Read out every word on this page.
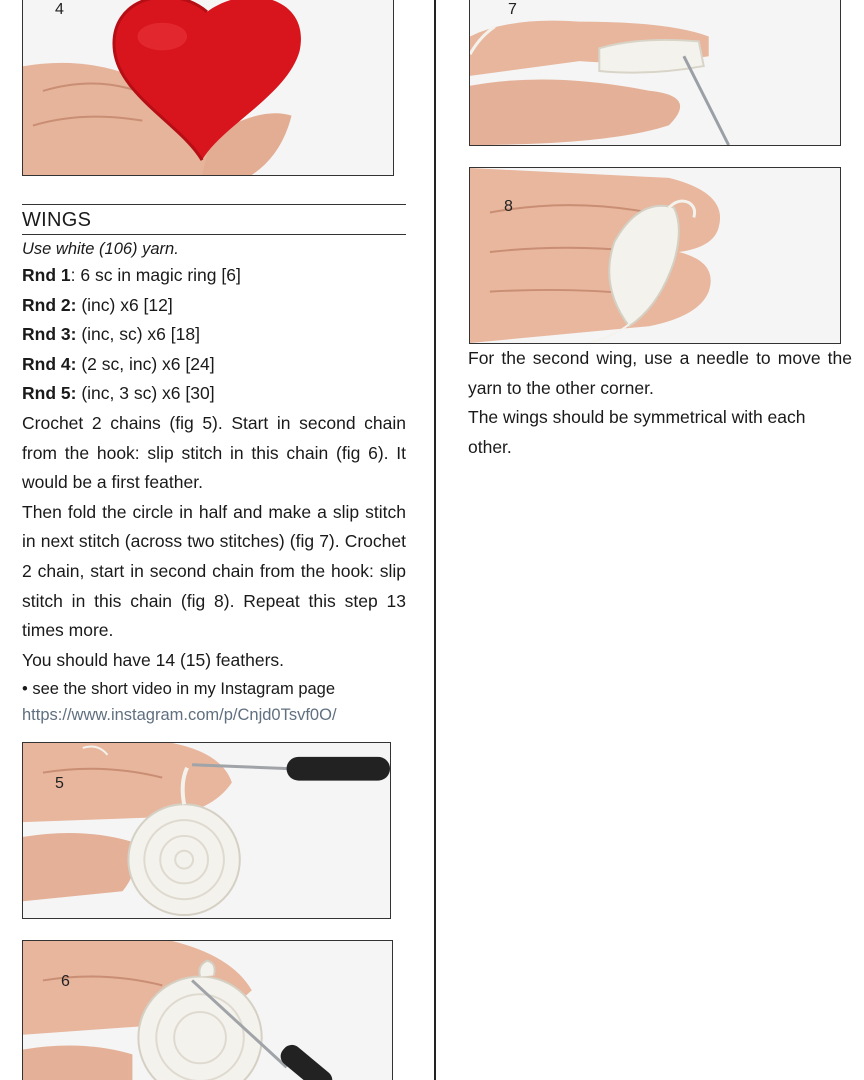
4	7
8
WINGS
Use white (106) yarn.
Rnd 1: 6 sc in magic ring [6]
Rnd 2: (inc) x6 [12]
Rnd 3: (inc, sc) x6 [18]
Rnd 4: (2 sc, inc) x6 [24]
Rnd 5: (inc, 3 sc) x6 [30]
Crochet 2 chains (fig 5). Start in second chain from the hook: slip stitch in this chain (fig 6). It would be a first feather.
Then fold the circle in half and make a slip stitch in next stitch (across two stitches) (fig 7). Crochet 2 chain, start in second chain from the hook: slip stitch in this chain (fig 8). Repeat this step 13 times more.
You should have 14 (15) feathers.
• see the short video in my Instagram page
https://www.instagram.com/p/Cnjd0Tsvf0O/
5
6
For the second wing, use a needle to move the yarn to the other corner.
The wings should be symmetrical with each other.
